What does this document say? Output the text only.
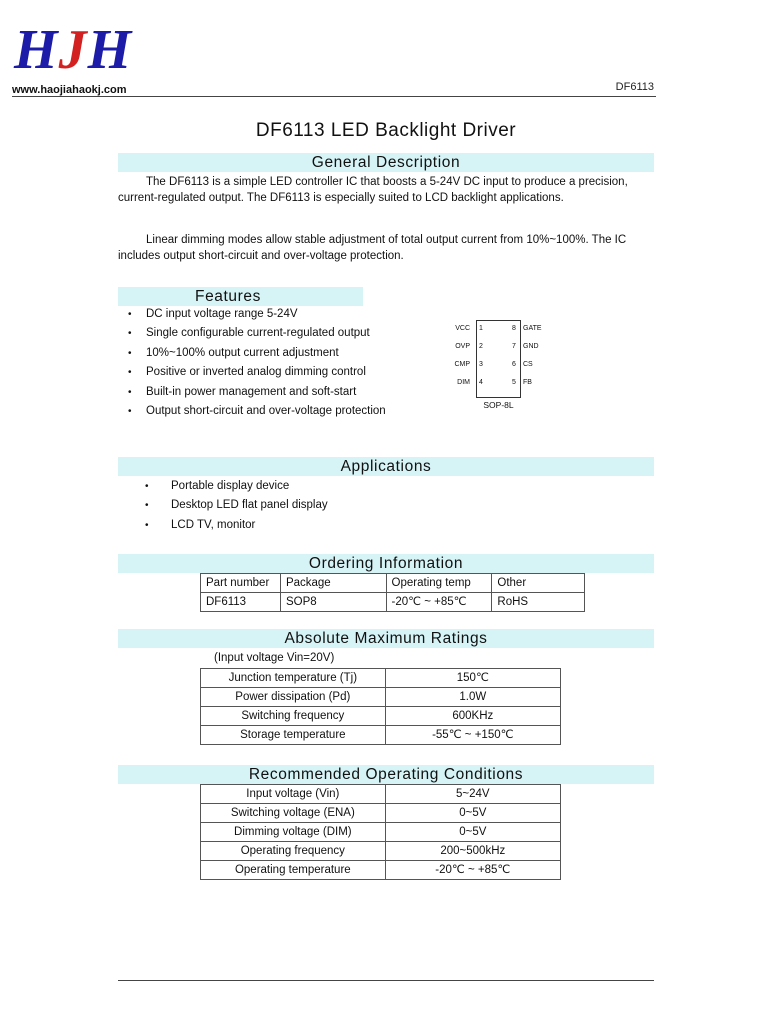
HJH
www.haojiahaokj.com	DF6113
DF6113 LED Backlight Driver
General Description
The DF6113 is a simple LED controller IC that boosts a 5-24V DC input to produce a precision, current-regulated output. The DF6113 is especially suited to LCD backlight applications.
Linear dimming modes allow stable adjustment of total output current from 10%~100%. The IC includes output short-circuit and over-voltage protection.
Features
• DC input voltage range 5-24V
• Single configurable current-regulated output
• 10%~100% output current adjustment
• Positive or inverted analog dimming control
• Built-in power management and soft-start
• Output short-circuit and over-voltage protection	SOP-8L
VCC 1
OVP 2
CMP 3
DIM 4
8 GATE
7 GND
6 CS
5 FB
Applications
• Portable display device
• Desktop LED flat panel display
• LCD TV, monitor
Ordering Information
Part number	Package	Operating temp	Other
DF6113	SOP8	-20℃ ~ +85℃	RoHS
Absolute Maximum Ratings
(Input voltage Vin=20V)
Junction temperature (Tj)	150℃
Power dissipation (Pd)	1.0W
Switching frequency	600KHz
Storage temperature	-55℃ ~ +150℃
Recommended Operating Conditions
Input voltage (Vin)	5~24V
Switching voltage (ENA)	0~5V
Dimming voltage (DIM)	0~5V
Operating frequency	200~500kHz
Operating temperature	-20℃ ~ +85℃
